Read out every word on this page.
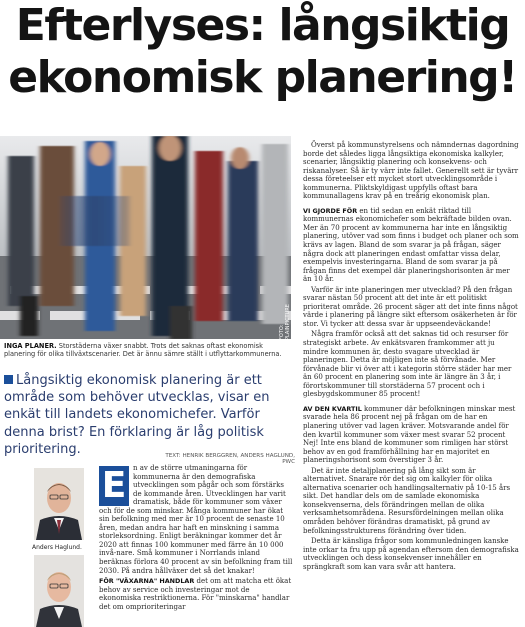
Efterlyses: långsiktig
ekonomisk planering!
FOTO: PLAINPICTURE
INGA PLANER. Storstäderna växer snabbt. Trots det saknas oftast ekonomisk planering för olika tillväxtscenarier. Det är ännu sämre ställt i utflyttarkommunerna.
Långsiktig ekonomisk planering är ett område som behöver utvecklas, visar en enkät till landets ekonomichefer. Varför denna brist? En förklaring är låg politisk prioritering.	TEXT: HENRIK BERGGREN, ANDERS HAGLUND, PWC
Anders Haglund.

E n av de större utmaningarna för kommunerna är den demografiska utvecklingen som pågår och som förstärks de kommande åren. Utvecklingen har varit dramatisk, både för kommuner som växer och för de som minskar. Många kommuner har ökat sin befolkning med mer är 10 procent de senaste 10 åren, medan andra har haft en minskning i samma storleksordning. Enligt beräkningar kommer det år 2020 att finnas 100 kommuner med färre än 10 000 invå-nare. Små kommuner i Norrlands inland beräknas förlora 40 procent av sin befolkning fram till 2030. På andra hållväxer det så det knakar!

FÖR "VÄXARNA" HANDLAR det om att matcha ett ökat behov av service och investeringar mot de ekonomiska restriktionerna. För "minskarna" handlar det om omprioriteringar

Överst på kommunstyrelsens och nämndernas dagordning borde det således ligga långsiktiga ekonomiska kalkyler, scenarier, långsiktig planering och konsekvens- och riskanalyser. Så är ty värr inte fallet. Generellt sett är tyvärr dessa företeelser ett mycket stort utvecklingsområde i kommunerna. Pliktskyldigast uppfylls oftast bara kommunallagens krav på en treårig ekonomisk plan.

VI GJORDE FÖR en tid sedan en enkät riktad till kommunernas ekonomichefer som bekräftade bilden ovan. Mer än 70 procent av kommunerna har inte en långsiktig planering, utöver vad som finns i budget och planer och som krävs av lagen. Bland de som svarar ja på frågan, säger några dock att planeringen endast omfattar vissa delar, exempelvis investeringarna. Bland de som svarar ja på frågan finns det exempel där planeringshorisonten är mer än 10 år.

Varför är inte planeringen mer utvecklad? På den frågan svarar nästan 50 procent att det inte är ett politiskt prioriterat område. 26 procent säger att det inte finns något värde i planering på längre sikt eftersom osäkerheten är för stor. Vi tycker att dessa svar är uppseendeväckande!

Några framför också att det saknas tid och resurser för strategiskt arbete. Av enkätsvaren framkommer att ju mindre kommunen är, desto svagare utvecklad är planeringen. Detta är möjligen inte så förvånade. Mer förvånade blir vi över att i kategorin större städer har mer än 60 procent en planering som inte är längre än 3 år, i förortskommuner till storstäderna 57 procent och i glesbygdskommuner 85 procent!

AV DEN KVARTIL kommuner där befolkningen minskar mest svarade hela 86 procent nej på frågan om de har en planering utöver vad lagen kräver. Motsvarande andel för den kvartil kommuner som växer mest svarar 52 procent Nej! Inte ens bland de kommuner som rimligen har störst behov av en god framförhållning har en majoritet en planeringshorisont som överstiger 3 år.

Det är inte detaljplanering på lång sikt som är alternativet. Snarare rör det sig om kalkyler för olika alternativa scenarier och handlingsalternativ på 10-15 års sikt. Det handlar dels om de samlade ekonomiska konsekvenserna, dels förändringen mellan de olika verksamhetsområdena. Resursfördelningen mellan olika områden behöver förändras dramatiskt, på grund av befolkningsstrukturens förändring över tiden.

Detta är känsliga frågor som kommunledningen kanske inte orkar ta fru upp på agendan eftersom den demografiska utvecklingen och dess konsekvenser innehåller en sprängkraft som kan vara svår att hantera.
